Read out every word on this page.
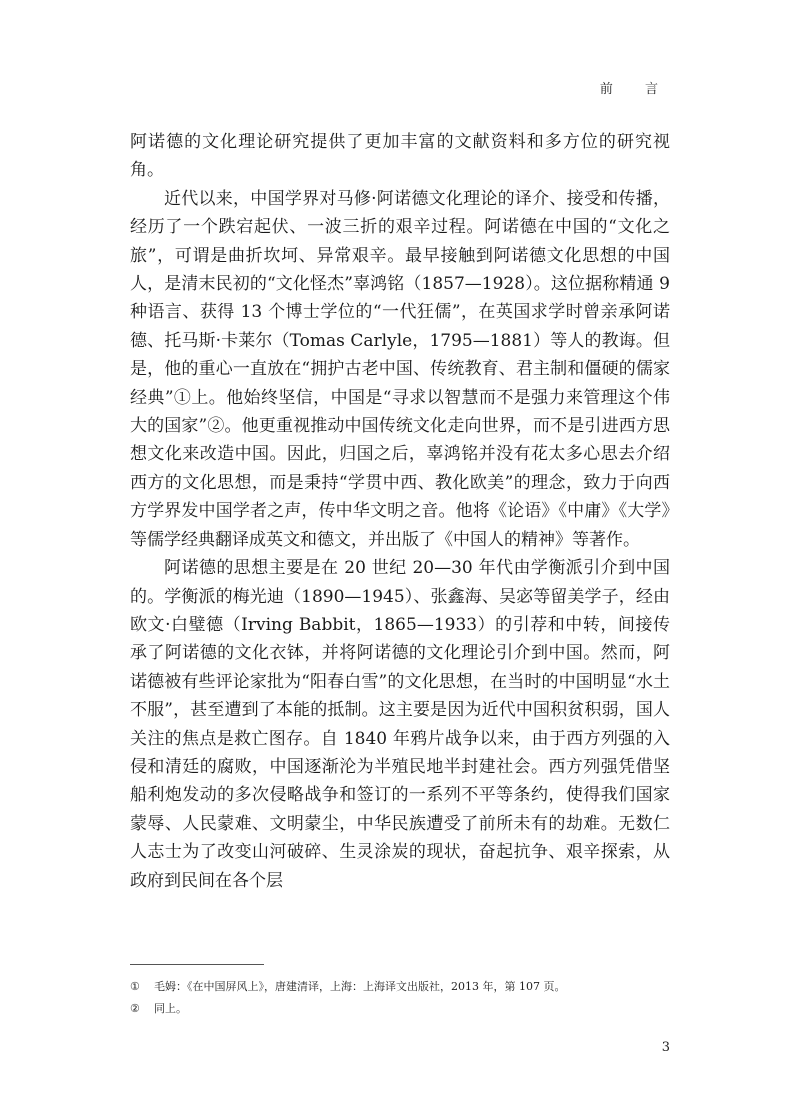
前 言

阿诺德的文化理论研究提供了更加丰富的文献资料和多方位的研究视角。

近代以来，中国学界对马修·阿诺德文化理论的译介、接受和传播，经历了一个跌宕起伏、一波三折的艰辛过程。阿诺德在中国的“文化之旅”，可谓是曲折坎坷、异常艰辛。最早接触到阿诺德文化思想的中国人，是清末民初的“文化怪杰”辜鸿铭（1857—1928）。这位据称精通 9 种语言、获得 13 个博士学位的“一代狂儒”，在英国求学时曾亲承阿诺德、托马斯·卡莱尔（Tomas Carlyle，1795—1881）等人的教诲。但是，他的重心一直放在“拥护古老中国、传统教育、君主制和僵硬的儒家经典”①上。他始终坚信，中国是“寻求以智慧而不是强力来管理这个伟大的国家”②。他更重视推动中国传统文化走向世界，而不是引进西方思想文化来改造中国。因此，归国之后，辜鸿铭并没有花太多心思去介绍西方的文化思想，而是秉持“学贯中西、教化欧美”的理念，致力于向西方学界发中国学者之声，传中华文明之音。他将《论语》《中庸》《大学》等儒学经典翻译成英文和德文，并出版了《中国人的精神》等著作。

阿诺德的思想主要是在 20 世纪 20—30 年代由学衡派引介到中国的。学衡派的梅光迪（1890—1945）、张鑫海、吴宓等留美学子，经由欧文·白璧德（Irving Babbit，1865—1933）的引荐和中转，间接传承了阿诺德的文化衣钵，并将阿诺德的文化理论引介到中国。然而，阿诺德被有些评论家批为“阳春白雪”的文化思想，在当时的中国明显“水土不服”，甚至遭到了本能的抵制。这主要是因为近代中国积贫积弱，国人关注的焦点是救亡图存。自 1840 年鸦片战争以来，由于西方列强的入侵和清廷的腐败，中国逐渐沦为半殖民地半封建社会。西方列强凭借坚船利炮发动的多次侵略战争和签订的一系列不平等条约，使得我们国家蒙辱、人民蒙难、文明蒙尘，中华民族遭受了前所未有的劫难。无数仁人志士为了改变山河破碎、生灵涂炭的现状，奋起抗争、艰辛探索，从政府到民间在各个层

①	毛姆：《在中国屏风上》，唐建清译，上海：上海译文出版社，2013 年，第 107 页。
②	同上。
3
